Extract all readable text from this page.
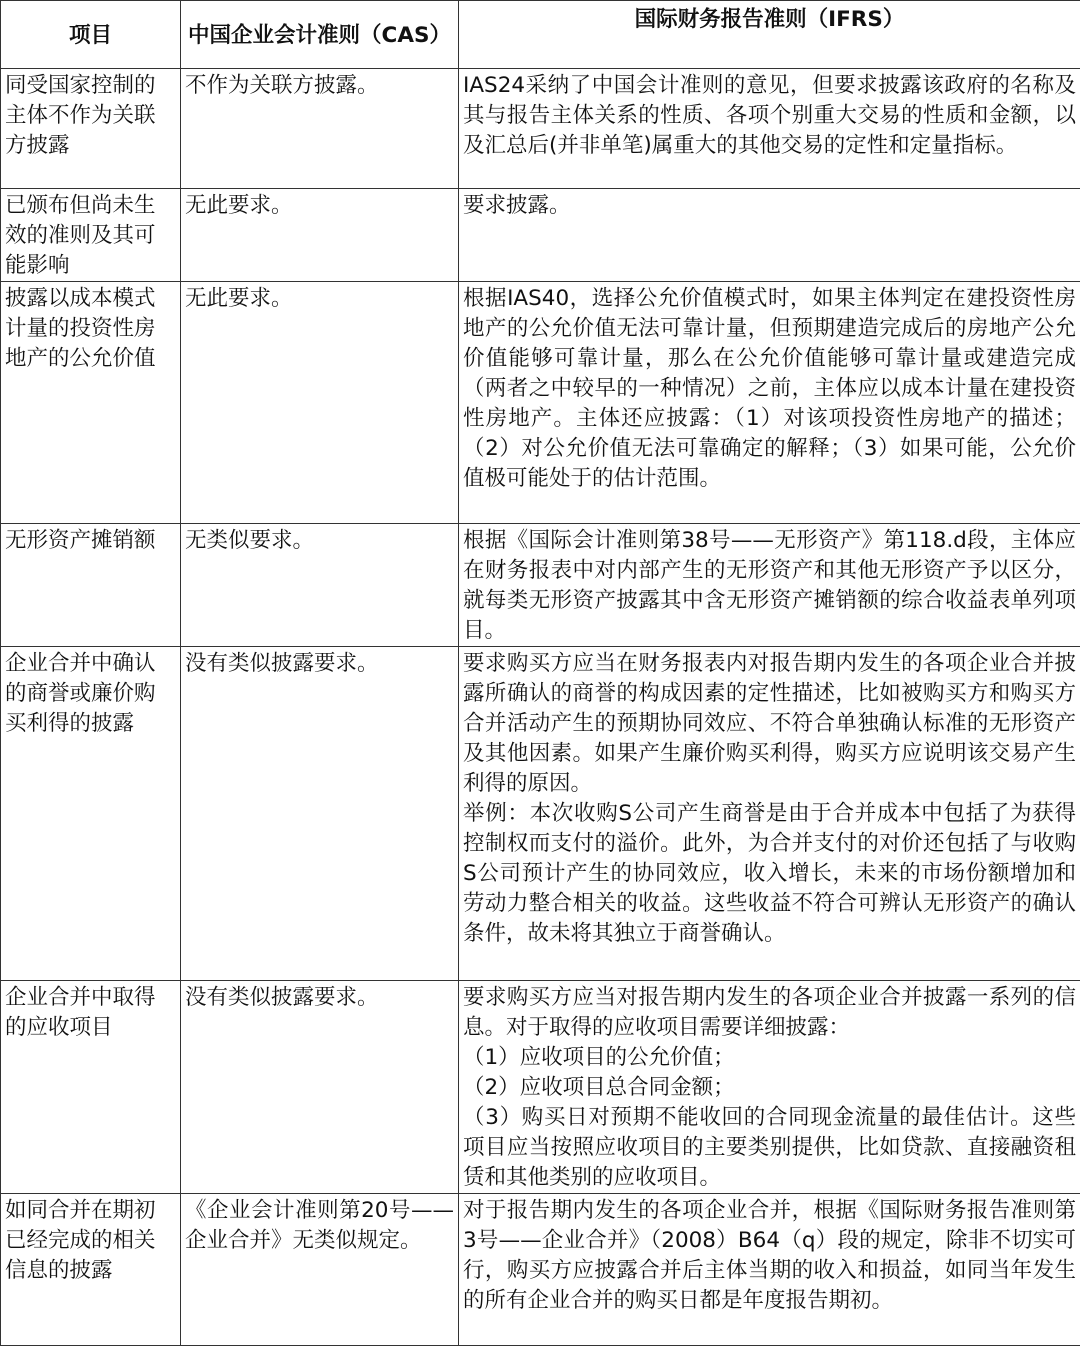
项目	中国企业会计准则（CAS）	国际财务报告准则（IFRS）
同受国家控制的主体不作为关联方披露	不作为关联方披露。	IAS24采纳了中国会计准则的意见，但要求披露该政府的名称及其与报告主体关系的性质、各项个别重大交易的性质和金额，以及汇总后(并非单笔)属重大的其他交易的定性和定量指标。

已颁布但尚未生效的准则及其可能影响	无此要求。	要求披露。

披露以成本模式计量的投资性房地产的公允价值	无此要求。	根据IAS40，选择公允价值模式时，如果主体判定在建投资性房地产的公允价值无法可靠计量，但预期建造完成后的房地产公允价值能够可靠计量，那么在公允价值能够可靠计量或建造完成（两者之中较早的一种情况）之前，主体应以成本计量在建投资性房地产。主体还应披露：（1）对该项投资性房地产的描述；（2）对公允价值无法可靠确定的解释；（3）如果可能，公允价值极可能处于的估计范围。

无形资产摊销额	无类似要求。	根据《国际会计准则第38号——无形资产》第118.d段，主体应在财务报表中对内部产生的无形资产和其他无形资产予以区分，就每类无形资产披露其中含无形资产摊销额的综合收益表单列项目。

企业合并中确认的商誉或廉价购买利得的披露	没有类似披露要求。	要求购买方应当在财务报表内对报告期内发生的各项企业合并披露所确认的商誉的构成因素的定性描述，比如被购买方和购买方合并活动产生的预期协同效应、不符合单独确认标准的无形资产及其他因素。如果产生廉价购买利得，购买方应说明该交易产生利得的原因。

举例：本次收购S公司产生商誉是由于合并成本中包括了为获得控制权而支付的溢价。此外，为合并支付的对价还包括了与收购S公司预计产生的协同效应，收入增长，未来的市场份额增加和劳动力整合相关的收益。这些收益不符合可辨认无形资产的确认条件，故未将其独立于商誉确认。

企业合并中取得的应收项目	没有类似披露要求。	要求购买方应当对报告期内发生的各项企业合并披露一系列的信息。对于取得的应收项目需要详细披露：

（1）应收项目的公允价值；

（2）应收项目总合同金额；

（3）购买日对预期不能收回的合同现金流量的最佳估计。这些项目应当按照应收项目的主要类别提供，比如贷款、直接融资租赁和其他类别的应收项目。

如同合并在期初已经完成的相关信息的披露	《企业会计准则第20号——企业合并》无类似规定。	对于报告期内发生的各项企业合并，根据《国际财务报告准则第3号——企业合并》（2008）B64（q）段的规定，除非不切实可行，购买方应披露合并后主体当期的收入和损益，如同当年发生的所有企业合并的购买日都是年度报告期初。
